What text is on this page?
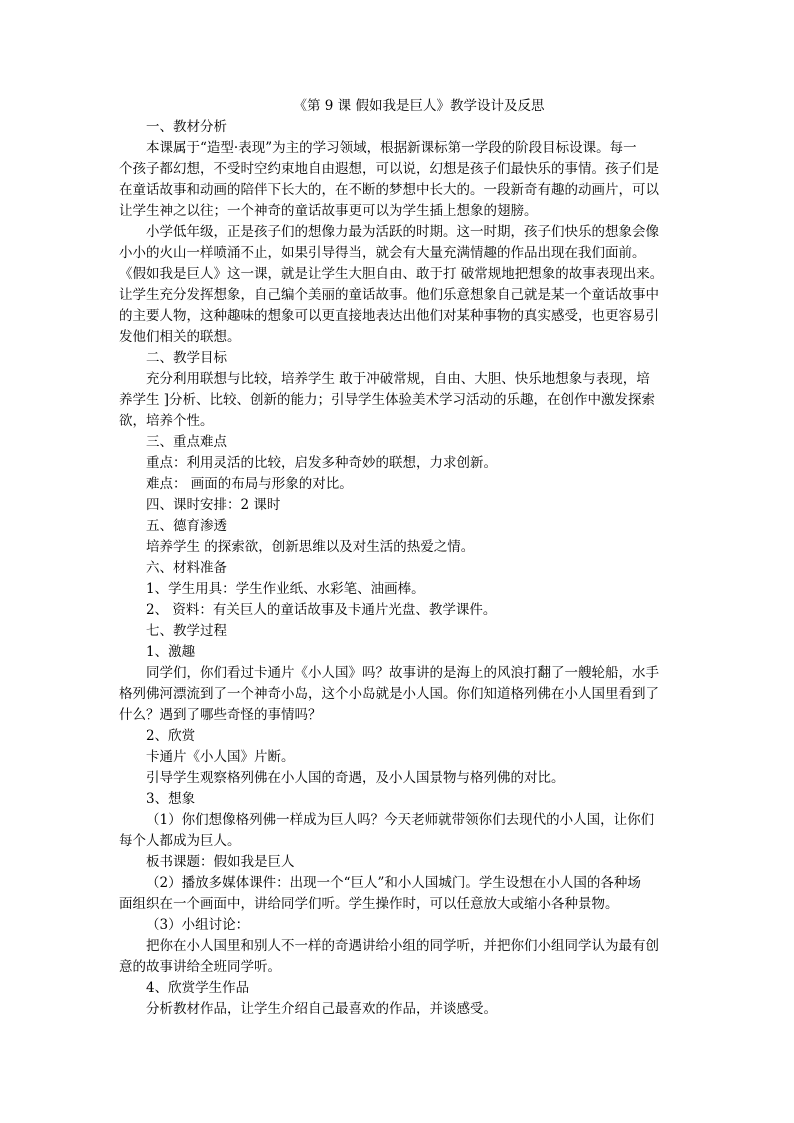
《第 9 课 假如我是巨人》教学设计及反思

一、教材分析

本课属于“造型·表现”为主的学习领域，根据新课标第一学段的阶段目标设课。每一

个孩子都幻想，不受时空约束地自由遐想，可以说，幻想是孩子们最快乐的事情。孩子们是

在童话故事和动画的陪伴下长大的，在不断的梦想中长大的。一段新奇有趣的动画片，可以

让学生神之以往；一个神奇的童话故事更可以为学生插上想象的翅膀。

小学低年级，正是孩子们的想像力最为活跃的时期。这一时期，孩子们快乐的想象会像

小小的火山一样喷涌不止，如果引导得当，就会有大量充满情趣的作品出现在我们面前。

《假如我是巨人》这一课，就是让学生大胆自由、敢于打 破常规地把想象的故事表现出来。

让学生充分发挥想象，自己编个美丽的童话故事。他们乐意想象自己就是某一个童话故事中

的主要人物，这种趣味的想象可以更直接地表达出他们对某种事物的真实感受，也更容易引

发他们相关的联想。

二、教学目标

充分利用联想与比较，培养学生 敢于冲破常规，自由、大胆、快乐地想象与表现，培

养学生 ]分析、比较、创新的能力；引导学生体验美术学习活动的乐趣，在创作中激发探索

欲，培养个性。

三、重点难点

重点：利用灵活的比较，启发多种奇妙的联想，力求创新。

难点： 画面的布局与形象的对比。

四、课时安排：2 课时

五、德育渗透

培养学生 的探索欲，创新思维以及对生活的热爱之情。

六、材料准备

1、学生用具：学生作业纸、水彩笔、油画棒。

2、 资料：有关巨人的童话故事及卡通片光盘、教学课件。

七、教学过程

1、激趣

同学们，你们看过卡通片《小人国》吗？故事讲的是海上的风浪打翻了一艘轮船，水手

格列佛河漂流到了一个神奇小岛，这个小岛就是小人国。你们知道格列佛在小人国里看到了

什么？遇到了哪些奇怪的事情吗？

2、欣赏

卡通片《小人国》片断。

引导学生观察格列佛在小人国的奇遇，及小人国景物与格列佛的对比。

3、想象

（1）你们想像格列佛一样成为巨人吗？今天老师就带领你们去现代的小人国，让你们

每个人都成为巨人。

板书课题：假如我是巨人

（2）播放多媒体课件：出现一个“巨人”和小人国城门。学生设想在小人国的各种场

面组织在一个画面中，讲给同学们听。学生操作时，可以任意放大或缩小各种景物。

（3）小组讨论：

把你在小人国里和别人不一样的奇遇讲给小组的同学听，并把你们小组同学认为最有创

意的故事讲给全班同学听。

4、欣赏学生作品

分析教材作品，让学生介绍自己最喜欢的作品，并谈感受。
